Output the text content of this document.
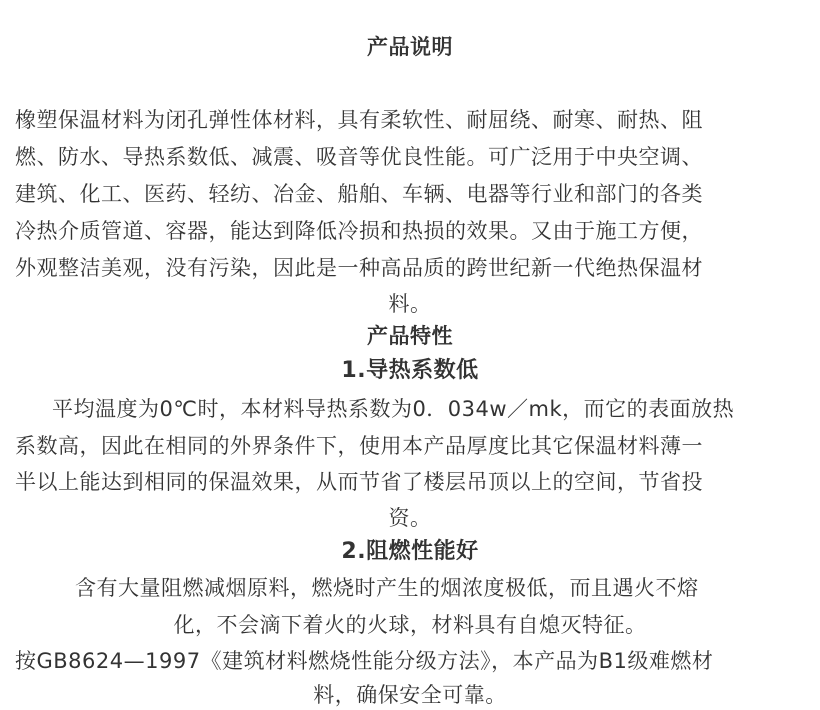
产品说明
橡塑保温材料为闭孔弹性体材料，具有柔软性、耐屈绕、耐寒、耐热、阻
燃、防水、导热系数低、减震、吸音等优良性能。可广泛用于中央空调、
建筑、化工、医药、轻纺、冶金、船舶、车辆、电器等行业和部门的各类
冷热介质管道、容器，能达到降低冷损和热损的效果。又由于施工方便，
外观整洁美观，没有污染，因此是一种高品质的跨世纪新一代绝热保温材
料。
产品特性
1.导热系数低
平均温度为0℃时，本材料导热系数为0．034w／mk，而它的表面放热
系数高，因此在相同的外界条件下，使用本产品厚度比其它保温材料薄一
半以上能达到相同的保温效果，从而节省了楼层吊顶以上的空间，节省投
资。
2.阻燃性能好
含有大量阻燃减烟原料，燃烧时产生的烟浓度极低，而且遇火不熔
化，不会滴下着火的火球，材料具有自熄灭特征。
按GB8624—1997《建筑材料燃烧性能分级方法》，本产品为B1级难燃材
料，确保安全可靠。
